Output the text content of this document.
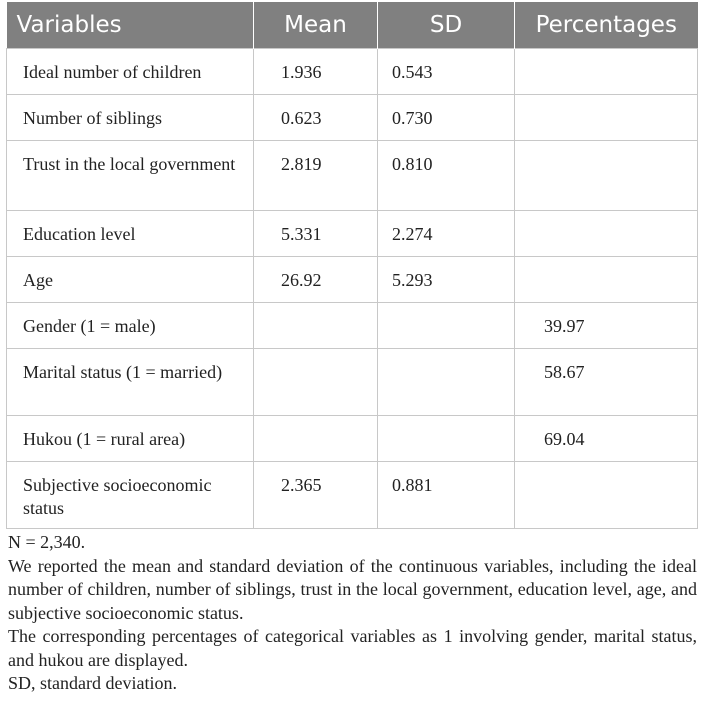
Variables	Mean	SD	Percentages
Ideal number of children	1.936	0.543	
Number of siblings	0.623	0.730	
Trust in the local government	2.819	0.810	
Education level	5.331	2.274	
Age	26.92	5.293	
Gender (1 = male)			39.97
Marital status (1 = married)			58.67
Hukou (1 = rural area)			69.04
Subjective socioeconomic status	2.365	0.881	

N = 2,340.

We reported the mean and standard deviation of the continuous variables, including the ideal number of children, number of siblings, trust in the local government, education level, age, and subjective socioeconomic status.

The corresponding percentages of categorical variables as 1 involving gender, marital status, and hukou are displayed.

SD, standard deviation.
